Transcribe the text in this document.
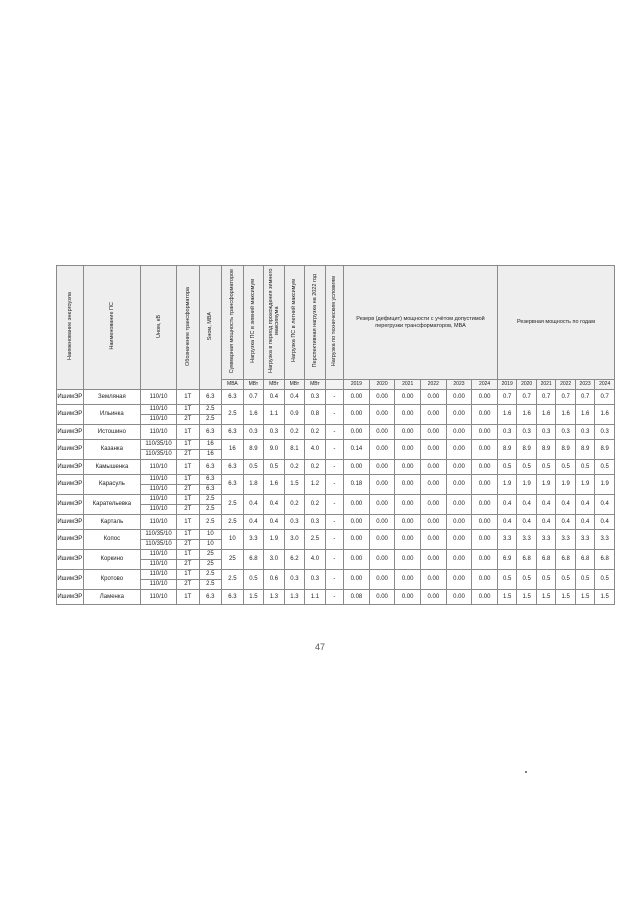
Наименование энергоузла	Наименование ПС	Uном, кВ	Обозначение трансформатора	Sном, МВА	Суммарная мощность трансформаторов	Нагрузка ПС в зимний максимум	Нагрузка в период прохождения зимнего максимума	Нагрузка ПС в летний максимум	Перспективная нагрузка на 2022 год	Нагрузка по техническим условиям	Резерв (дефицит) мощности с учётом допустимой перегрузки трансформаторов, МВА						Резервная мощность по годам					

					МВА	МВт	МВт	МВт	МВт		2019	2020	2021	2022	2023	2024	2019	2020	2021	2022	2023	2024
ИшимЭР	Земляная	110/10	1Т	6.3	6.3	0.7	0.4	0.4	0.3	-	0.00	0.00	0.00	0.00	0.00	0.00	0.7	0.7	0.7	0.7	0.7	0.7
ИшимЭР	Ильинка	110/10	1Т	2.5	2.5	1.6	1.1	0.9	0.8	-	0.00	0.00	0.00	0.00	0.00	0.00	1.6	1.6	1.6	1.6	1.6	1.6
		110/10	2Т	2.5																		
ИшимЭР	Истошино	110/10	1Т	6.3	6.3	0.3	0.3	0.2	0.2	-	0.00	0.00	0.00	0.00	0.00	0.00	0.3	0.3	0.3	0.3	0.3	0.3
ИшимЭР	Казанка	110/35/10	1Т	16	16	8.9	9.0	8.1	4.0	-	0.14	0.00	0.00	0.00	0.00	0.00	8.9	8.9	8.9	8.9	8.9	8.9
		110/35/10	2Т	16																		
ИшимЭР	Камышенка	110/10	1Т	6.3	6.3	0.5	0.5	0.2	0.2	-	0.00	0.00	0.00	0.00	0.00	0.00	0.5	0.5	0.5	0.5	0.5	0.5
ИшимЭР	Карасуль	110/10	1Т	6.3	6.3	1.8	1.6	1.5	1.2	-	0.18	0.00	0.00	0.00	0.00	0.00	1.9	1.9	1.9	1.9	1.9	1.9
		110/10	2Т	6.3																		
ИшимЭР	Карательевка	110/10	1Т	2.5	2.5	0.4	0.4	0.2	0.2	-	0.00	0.00	0.00	0.00	0.00	0.00	0.4	0.4	0.4	0.4	0.4	0.4
		110/10	2Т	2.5																		
ИшимЭР	Карталь	110/10	1Т	2.5	2.5	0.4	0.4	0.3	0.3	-	0.00	0.00	0.00	0.00	0.00	0.00	0.4	0.4	0.4	0.4	0.4	0.4
ИшимЭР	Копос	110/35/10	1Т	10	10	3.3	1.9	3.0	2.5	-	0.00	0.00	0.00	0.00	0.00	0.00	3.3	3.3	3.3	3.3	3.3	3.3
		110/35/10	2Т	10																		
ИшимЭР	Коркино	110/10	1Т	25	25	6.8	3.0	6.2	4.0	-	0.00	0.00	0.00	0.00	0.00	0.00	6.9	6.8	6.8	6.8	6.8	6.8
		110/10	2Т	25																		
ИшимЭР	Кротово	110/10	1Т	2.5	2.5	0.5	0.6	0.3	0.3	-	0.00	0.00	0.00	0.00	0.00	0.00	0.5	0.5	0.5	0.5	0.5	0.5
		110/10	2Т	2.5																		
ИшимЭР	Ламенка	110/10	1Т	6.3	6.3	1.5	1.3	1.3	1.1	-	0.08	0.00	0.00	0.00	0.00	0.00	1.5	1.5	1.5	1.5	1.5	1.5
47
